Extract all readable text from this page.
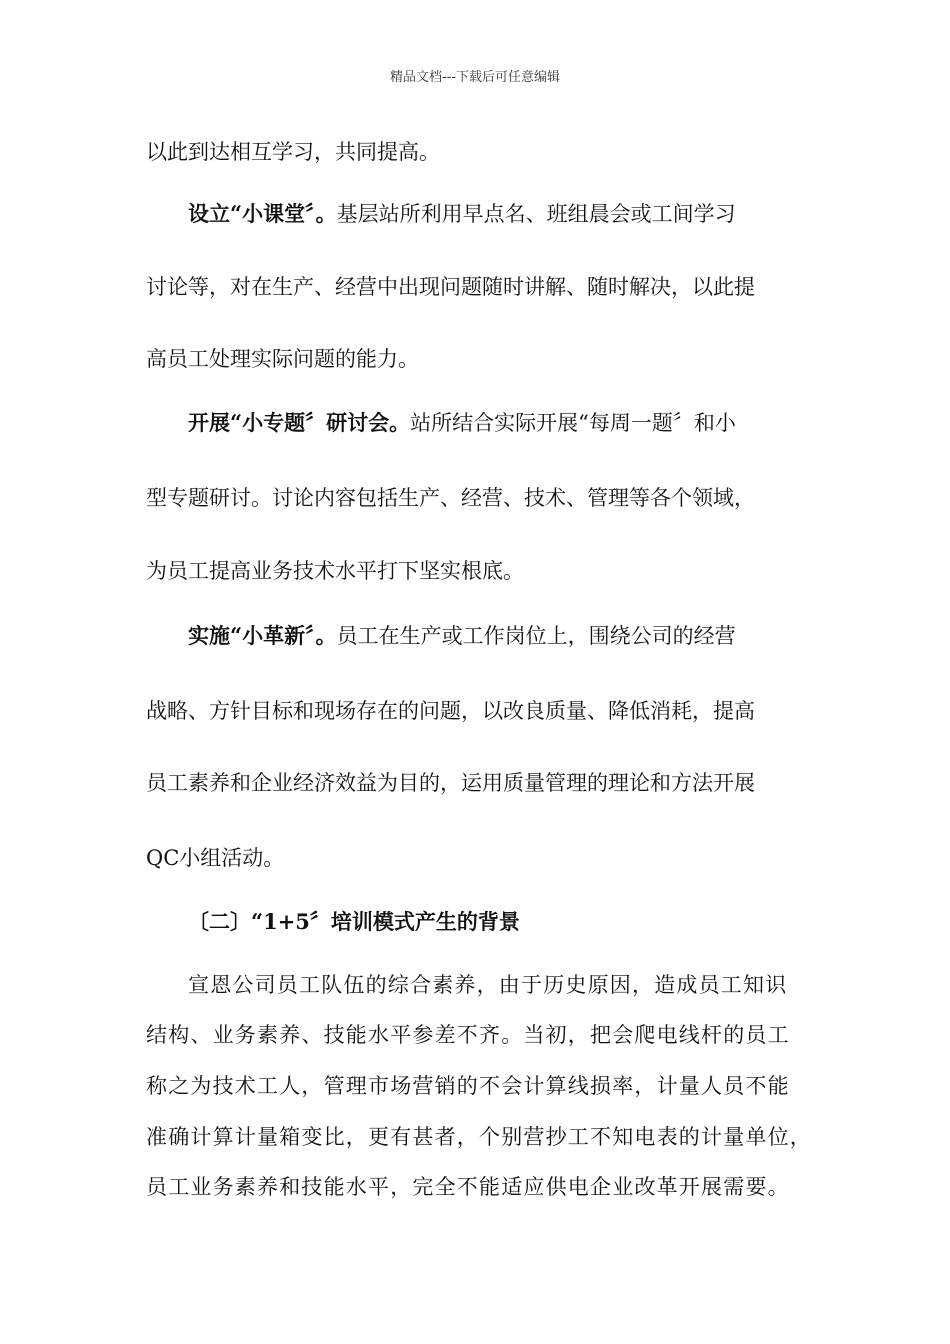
精品文档---下载后可任意编辑
以此到达相互学习，共同提高。
设立“小课堂〞。基层站所利用早点名、班组晨会或工间学习
讨论等，对在生产、经营中出现问题随时讲解、随时解决，以此提
高员工处理实际问题的能力。
开展“小专题〞研讨会。站所结合实际开展“每周一题〞和小
型专题研讨。讨论内容包括生产、经营、技术、管理等各个领域，
为员工提高业务技术水平打下坚实根底。
实施“小革新〞。员工在生产或工作岗位上，围绕公司的经营
战略、方针目标和现场存在的问题，以改良质量、降低消耗，提高
员工素养和企业经济效益为目的，运用质量管理的理论和方法开展
QC小组活动。
〔二〕“1+5〞培训模式产生的背景
宣恩公司员工队伍的综合素养，由于历史原因，造成员工知识
结构、业务素养、技能水平参差不齐。当初，把会爬电线杆的员工
称之为技术工人，管理市场营销的不会计算线损率，计量人员不能
准确计算计量箱变比，更有甚者，个别营抄工不知电表的计量单位，
员工业务素养和技能水平，完全不能适应供电企业改革开展需要。
